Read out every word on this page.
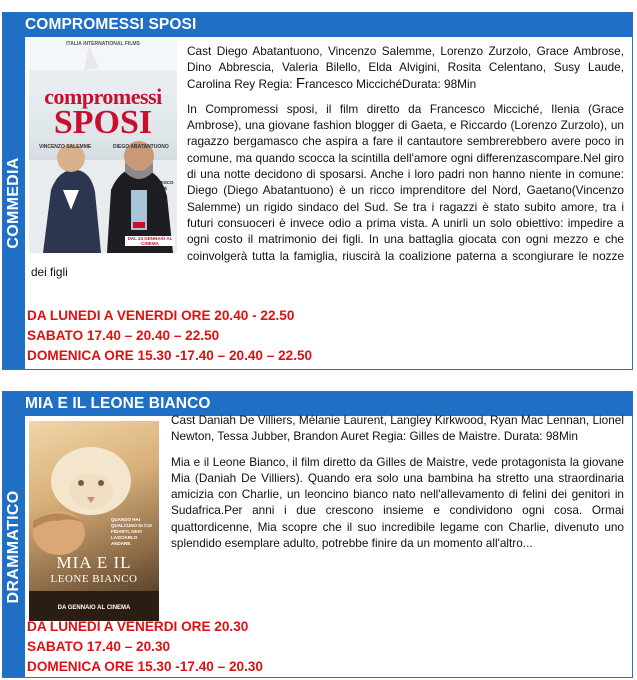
COMPROMESSI SPOSI
COMMEDIA
ITALIA INTERNATIONAL FILMS
compromessi
SPOSI
VINCENZO SALEMME	DIEGO ABATANTUONO
FRANCESCO MICCICHÈ
DAL 24 GENNAIO AL CINEMA

Cast Diego Abatantuono, Vincenzo Salemme, Lorenzo Zurzolo, Grace Ambrose, Dino Abbrescia, Valeria Bilello, Elda Alvigini, Rosita Celentano, Susy Laude, Carolina Rey Regia: Francesco MiccichéDurata: 98Min

In Compromessi sposi, il film diretto da Francesco Micciché, Ilenia (Grace Ambrose), una giovane fashion blogger di Gaeta, e Riccardo (Lorenzo Zurzolo), un ragazzo bergamasco che aspira a fare il cantautore sembrerebbero avere poco in comune, ma quando scocca la scintilla dell'amore ogni differenzascompare.Nel giro di una notte decidono di sposarsi. Anche i loro padri non hanno niente in comune: Diego (Diego Abatantuono) è un ricco imprenditore del Nord, Gaetano(Vincenzo Salemme) un rigido sindaco del Sud. Se tra i ragazzi è stato subito amore, tra i futuri consuoceri è invece odio a prima vista. A unirli un solo obiettivo: impedire a ogni costo il matrimonio dei figli. In una battaglia giocata con ogni mezzo e che coinvolgerà tutta la famiglia, riuscirà la coalizione paterna a scongiurare le nozze dei figli

DA LUNEDI A VENERDI ORE 20.40 - 22.50
SABATO 17.40 – 20.40 – 22.50
DOMENICA ORE 15.30 -17.40 – 20.40 – 22.50
MIA E IL LEONE BIANCO
DRAMMATICO	QUANDO HAI QUALCUNO DI CUI FIDARTI, DEVI LASCIARLO ANDARE.
MIA E IL
LEONE BIANCO
DA GENNAIO AL CINEMA

Cast Daniah De Villiers, Mélanie Laurent, Langley Kirkwood, Ryan Mac Lennan, Lionel Newton, Tessa Jubber, Brandon Auret Regia: Gilles de Maistre. Durata: 98Min

Mia e il Leone Bianco, il film diretto da Gilles de Maistre, vede protagonista la giovane Mia (Daniah De Villiers). Quando era solo una bambina ha stretto una straordinaria amicizia con Charlie, un leoncino bianco nato nell'allevamento di felini dei genitori in Sudafrica.Per anni i due crescono insieme e condividono ogni cosa. Ormai quattordicenne, Mia scopre che il suo incredibile legame con Charlie, divenuto uno splendido esemplare adulto, potrebbe finire da un momento all'altro...

DA LUNEDI A VENERDI ORE 20.30
SABATO 17.40 – 20.30
DOMENICA ORE 15.30 -17.40 – 20.30
